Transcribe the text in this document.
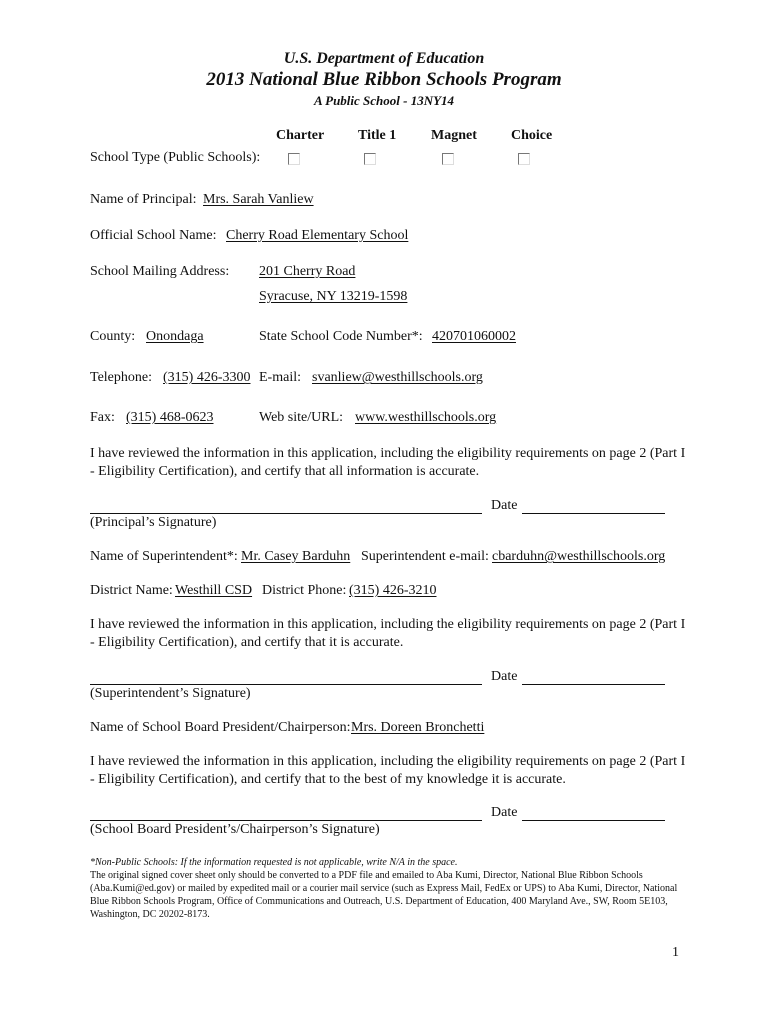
U.S. Department of Education
2013 National Blue Ribbon Schools Program
A Public School - 13NY14
Charter Title 1 Magnet Choice
School Type (Public Schools):
Name of Principal: Mrs. Sarah Vanliew
Official School Name: Cherry Road Elementary School
School Mailing Address: 201 Cherry Road
Syracuse, NY 13219-1598
County: Onondaga	State School Code Number*: 420701060002
Telephone: (315) 426-3300 E-mail: svanliew@westhillschools.org
Fax: (315) 468-0623	Web site/URL: www.westhillschools.org
I have reviewed the information in this application, including the eligibility requirements on page 2 (Part I
- Eligibility Certification), and certify that all information is accurate.
Date
(Principal’s Signature)
Name of Superintendent*: Mr. Casey Barduhn Superintendent e-mail: cbarduhn@westhillschools.org
District Name: Westhill CSD District Phone: (315) 426-3210
I have reviewed the information in this application, including the eligibility requirements on page 2 (Part I
- Eligibility Certification), and certify that it is accurate.
Date
(Superintendent’s Signature)
Name of School Board President/Chairperson: Mrs. Doreen Bronchetti
I have reviewed the information in this application, including the eligibility requirements on page 2 (Part I
- Eligibility Certification), and certify that to the best of my knowledge it is accurate.
Date
(School Board President’s/Chairperson’s Signature)
*Non-Public Schools: If the information requested is not applicable, write N/A in the space.
The original signed cover sheet only should be converted to a PDF file and emailed to Aba Kumi, Director, National Blue Ribbon Schools (Aba.Kumi@ed.gov) or mailed by expedited mail or a courier mail service (such as Express Mail, FedEx or UPS) to Aba Kumi, Director, National Blue Ribbon Schools Program, Office of Communications and Outreach, U.S. Department of Education, 400 Maryland Ave., SW, Room 5E103, Washington, DC 20202-8173.
1
